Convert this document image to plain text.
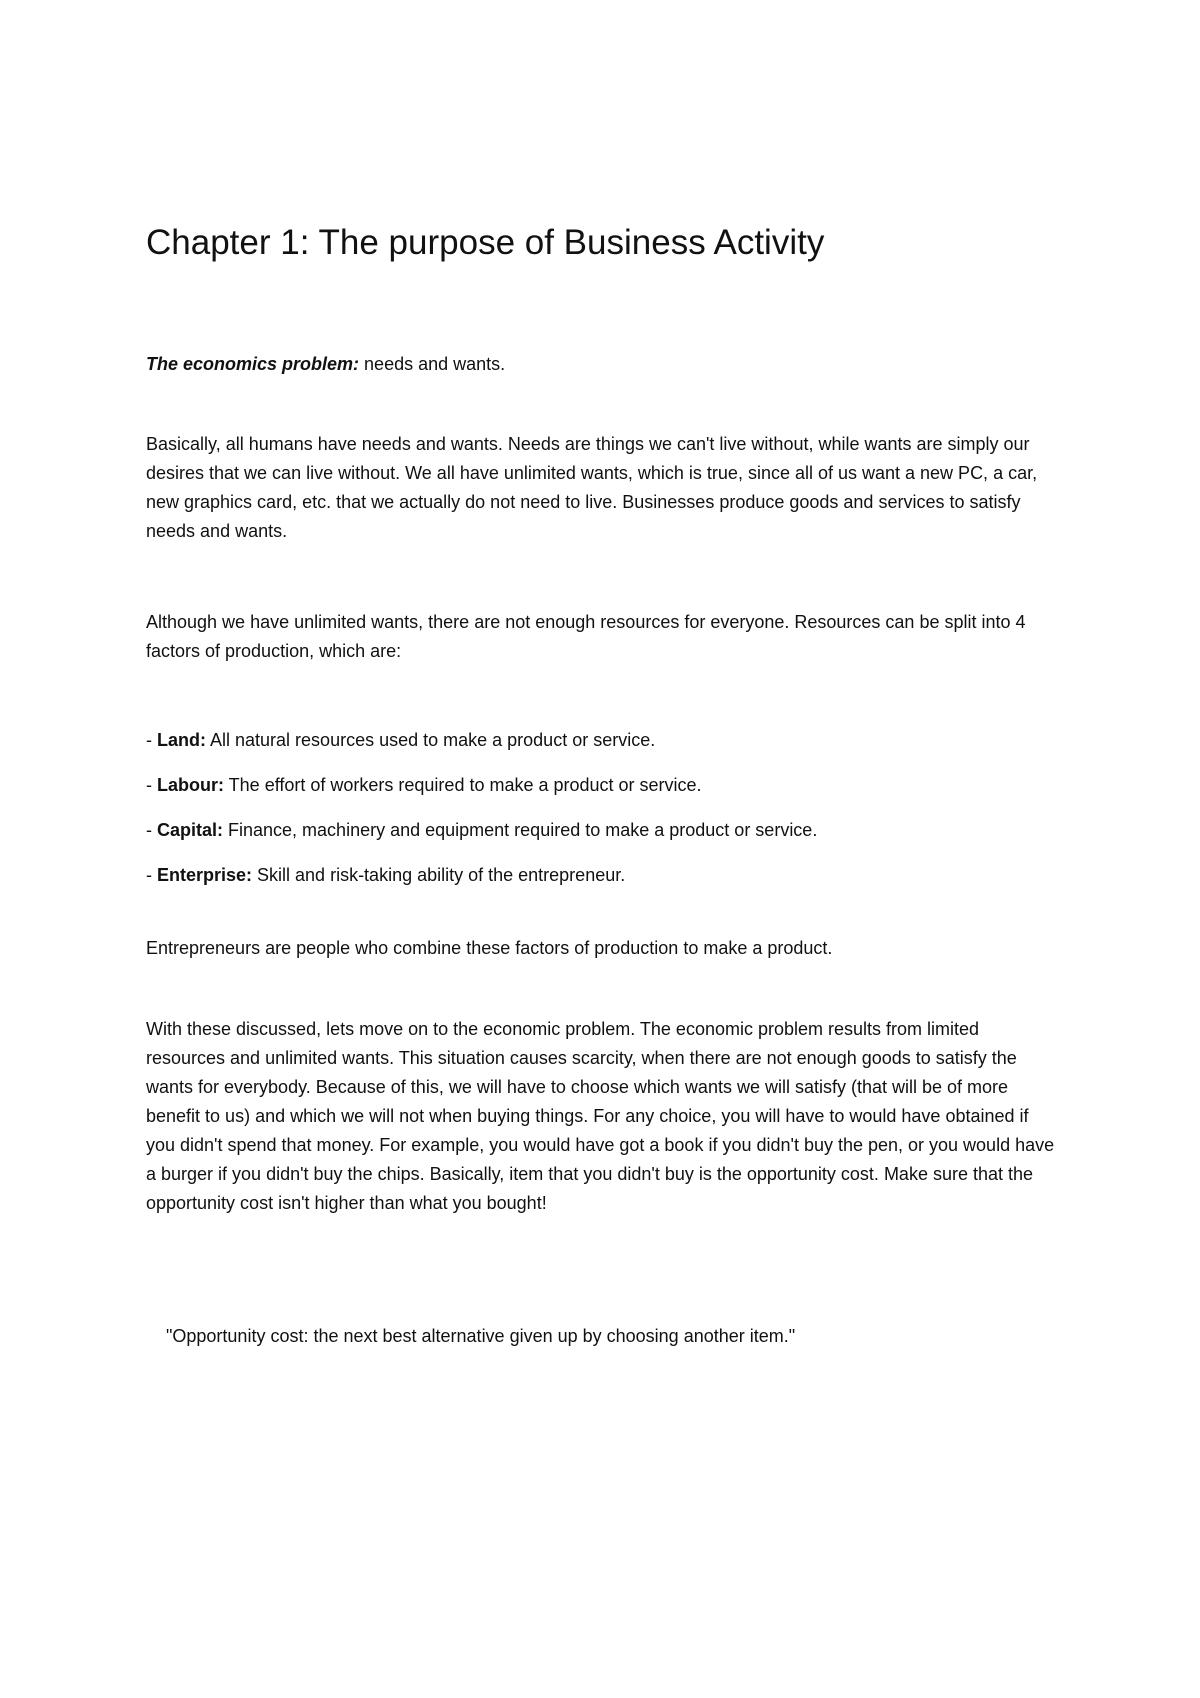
Chapter 1: The purpose of Business Activity

The economics problem: needs and wants.

Basically, all humans have needs and wants. Needs are things we can't live without, while wants are simply our desires that we can live without. We all have unlimited wants, which is true, since all of us want a new PC, a car, new graphics card, etc. that we actually do not need to live. Businesses produce goods and services to satisfy needs and wants.

Although we have unlimited wants, there are not enough resources for everyone. Resources can be split into 4 factors of production, which are:

- Land: All natural resources used to make a product or service.
- Labour: The effort of workers required to make a product or service.
- Capital: Finance, machinery and equipment required to make a product or service.
- Enterprise: Skill and risk-taking ability of the entrepreneur.

Entrepreneurs are people who combine these factors of production to make a product.

With these discussed, lets move on to the economic problem. The economic problem results from limited resources and unlimited wants. This situation causes scarcity, when there are not enough goods to satisfy the wants for everybody. Because of this, we will have to choose which wants we will satisfy (that will be of more benefit to us) and which we will not when buying things. For any choice, you will have to would have obtained if you didn't spend that money. For example, you would have got a book if you didn't buy the pen, or you would have a burger if you didn't buy the chips. Basically, item that you didn't buy is the opportunity cost. Make sure that the opportunity cost isn't higher than what you bought!

"Opportunity cost: the next best alternative given up by choosing another item."
